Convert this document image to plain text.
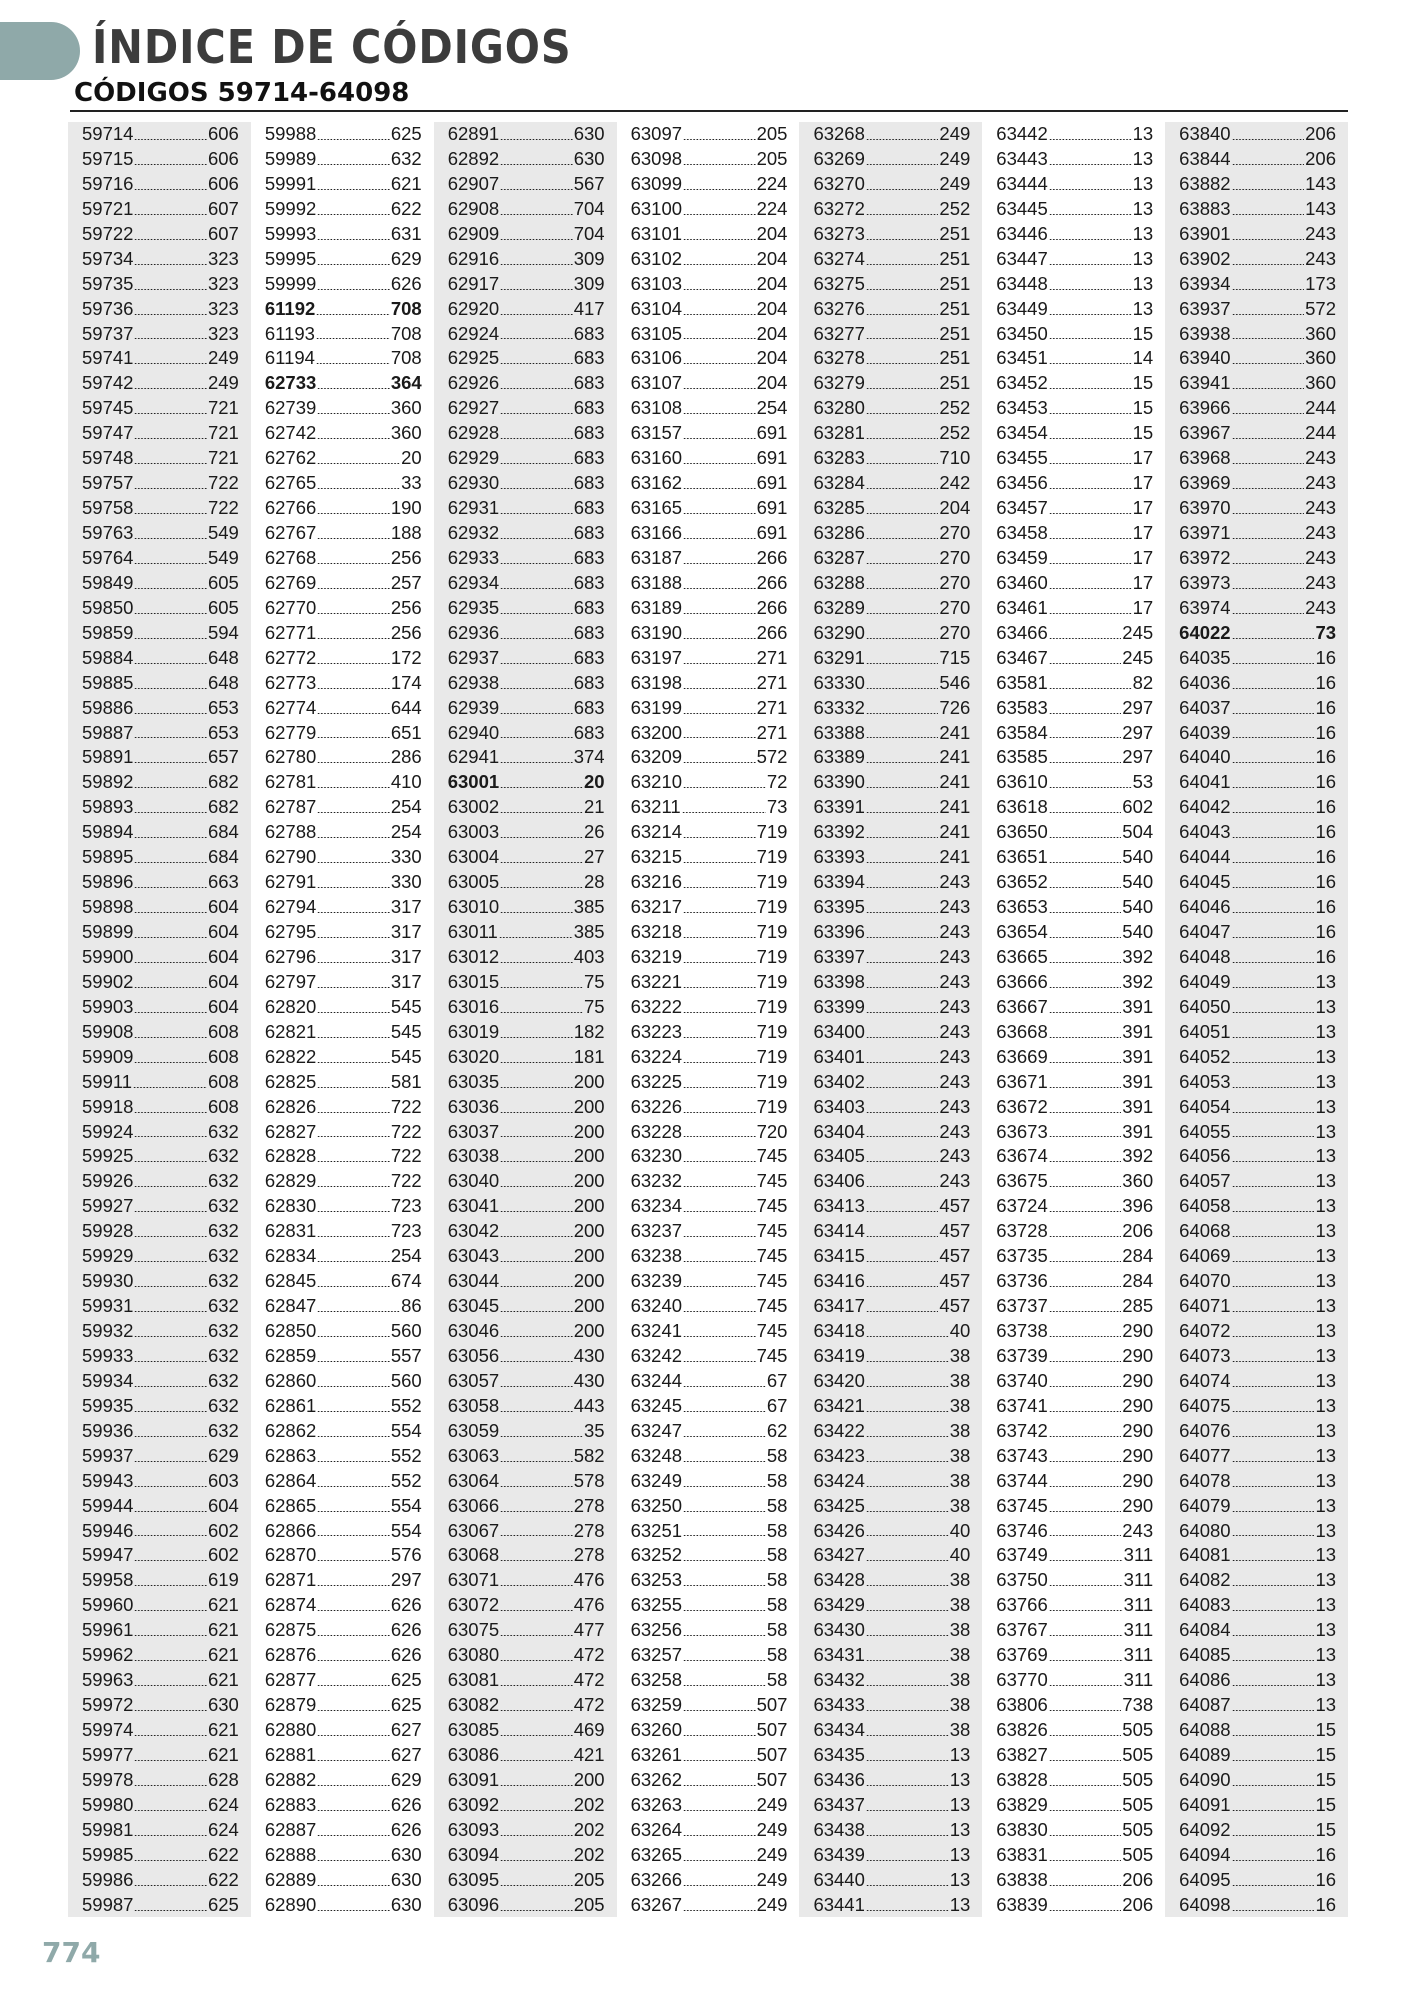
ÍNDICE DE CÓDIGOS
CÓDIGOS 59714-64098
59714	606
59715	606
59716	606
59721	607
59722	607
59734	323
59735	323
59736	323
59737	323
59741	249
59742	249
59745	721
59747	721
59748	721
59757	722
59758	722
59763	549
59764	549
59849	605
59850	605
59859	594
59884	648
59885	648
59886	653
59887	653
59891	657
59892	682
59893	682
59894	684
59895	684
59896	663
59898	604
59899	604
59900	604
59902	604
59903	604
59908	608
59909	608
59911	608
59918	608
59924	632
59925	632
59926	632
59927	632
59928	632
59929	632
59930	632
59931	632
59932	632
59933	632
59934	632
59935	632
59936	632
59937	629
59943	603
59944	604
59946	602
59947	602
59958	619
59960	621
59961	621
59962	621
59963	621
59972	630
59974	621
59977	621
59978	628
59980	624
59981	624
59985	622
59986	622
59987	625
59988	625
59989	632
59991	621
59992	622
59993	631
59995	629
59999	626
61192	708
61193	708
61194	708
62733	364
62739	360
62742	360
62762	20
62765	33
62766	190
62767	188
62768	256
62769	257
62770	256
62771	256
62772	172
62773	174
62774	644
62779	651
62780	286
62781	410
62787	254
62788	254
62790	330
62791	330
62794	317
62795	317
62796	317
62797	317
62820	545
62821	545
62822	545
62825	581
62826	722
62827	722
62828	722
62829	722
62830	723
62831	723
62834	254
62845	674
62847	86
62850	560
62859	557
62860	560
62861	552
62862	554
62863	552
62864	552
62865	554
62866	554
62870	576
62871	297
62874	626
62875	626
62876	626
62877	625
62879	625
62880	627
62881	627
62882	629
62883	626
62887	626
62888	630
62889	630
62890	630
62891	630
62892	630
62907	567
62908	704
62909	704
62916	309
62917	309
62920	417
62924	683
62925	683
62926	683
62927	683
62928	683
62929	683
62930	683
62931	683
62932	683
62933	683
62934	683
62935	683
62936	683
62937	683
62938	683
62939	683
62940	683
62941	374
63001	20
63002	21
63003	26
63004	27
63005	28
63010	385
63011	385
63012	403
63015	75
63016	75
63019	182
63020	181
63035	200
63036	200
63037	200
63038	200
63040	200
63041	200
63042	200
63043	200
63044	200
63045	200
63046	200
63056	430
63057	430
63058	443
63059	35
63063	582
63064	578
63066	278
63067	278
63068	278
63071	476
63072	476
63075	477
63080	472
63081	472
63082	472
63085	469
63086	421
63091	200
63092	202
63093	202
63094	202
63095	205
63096	205
63097	205
63098	205
63099	224
63100	224
63101	204
63102	204
63103	204
63104	204
63105	204
63106	204
63107	204
63108	254
63157	691
63160	691
63162	691
63165	691
63166	691
63187	266
63188	266
63189	266
63190	266
63197	271
63198	271
63199	271
63200	271
63209	572
63210	72
63211	73
63214	719
63215	719
63216	719
63217	719
63218	719
63219	719
63221	719
63222	719
63223	719
63224	719
63225	719
63226	719
63228	720
63230	745
63232	745
63234	745
63237	745
63238	745
63239	745
63240	745
63241	745
63242	745
63244	67
63245	67
63247	62
63248	58
63249	58
63250	58
63251	58
63252	58
63253	58
63255	58
63256	58
63257	58
63258	58
63259	507
63260	507
63261	507
63262	507
63263	249
63264	249
63265	249
63266	249
63267	249
63268	249
63269	249
63270	249
63272	252
63273	251
63274	251
63275	251
63276	251
63277	251
63278	251
63279	251
63280	252
63281	252
63283	710
63284	242
63285	204
63286	270
63287	270
63288	270
63289	270
63290	270
63291	715
63330	546
63332	726
63388	241
63389	241
63390	241
63391	241
63392	241
63393	241
63394	243
63395	243
63396	243
63397	243
63398	243
63399	243
63400	243
63401	243
63402	243
63403	243
63404	243
63405	243
63406	243
63413	457
63414	457
63415	457
63416	457
63417	457
63418	40
63419	38
63420	38
63421	38
63422	38
63423	38
63424	38
63425	38
63426	40
63427	40
63428	38
63429	38
63430	38
63431	38
63432	38
63433	38
63434	38
63435	13
63436	13
63437	13
63438	13
63439	13
63440	13
63441	13
63442	13
63443	13
63444	13
63445	13
63446	13
63447	13
63448	13
63449	13
63450	15
63451	14
63452	15
63453	15
63454	15
63455	17
63456	17
63457	17
63458	17
63459	17
63460	17
63461	17
63466	245
63467	245
63581	82
63583	297
63584	297
63585	297
63610	53
63618	602
63650	504
63651	540
63652	540
63653	540
63654	540
63665	392
63666	392
63667	391
63668	391
63669	391
63671	391
63672	391
63673	391
63674	392
63675	360
63724	396
63728	206
63735	284
63736	284
63737	285
63738	290
63739	290
63740	290
63741	290
63742	290
63743	290
63744	290
63745	290
63746	243
63749	311
63750	311
63766	311
63767	311
63769	311
63770	311
63806	738
63826	505
63827	505
63828	505
63829	505
63830	505
63831	505
63838	206
63839	206
63840	206
63844	206
63882	143
63883	143
63901	243
63902	243
63934	173
63937	572
63938	360
63940	360
63941	360
63966	244
63967	244
63968	243
63969	243
63970	243
63971	243
63972	243
63973	243
63974	243
64022	73
64035	16
64036	16
64037	16
64039	16
64040	16
64041	16
64042	16
64043	16
64044	16
64045	16
64046	16
64047	16
64048	16
64049	13
64050	13
64051	13
64052	13
64053	13
64054	13
64055	13
64056	13
64057	13
64058	13
64068	13
64069	13
64070	13
64071	13
64072	13
64073	13
64074	13
64075	13
64076	13
64077	13
64078	13
64079	13
64080	13
64081	13
64082	13
64083	13
64084	13
64085	13
64086	13
64087	13
64088	15
64089	15
64090	15
64091	15
64092	15
64094	16
64095	16
64098	16
774
